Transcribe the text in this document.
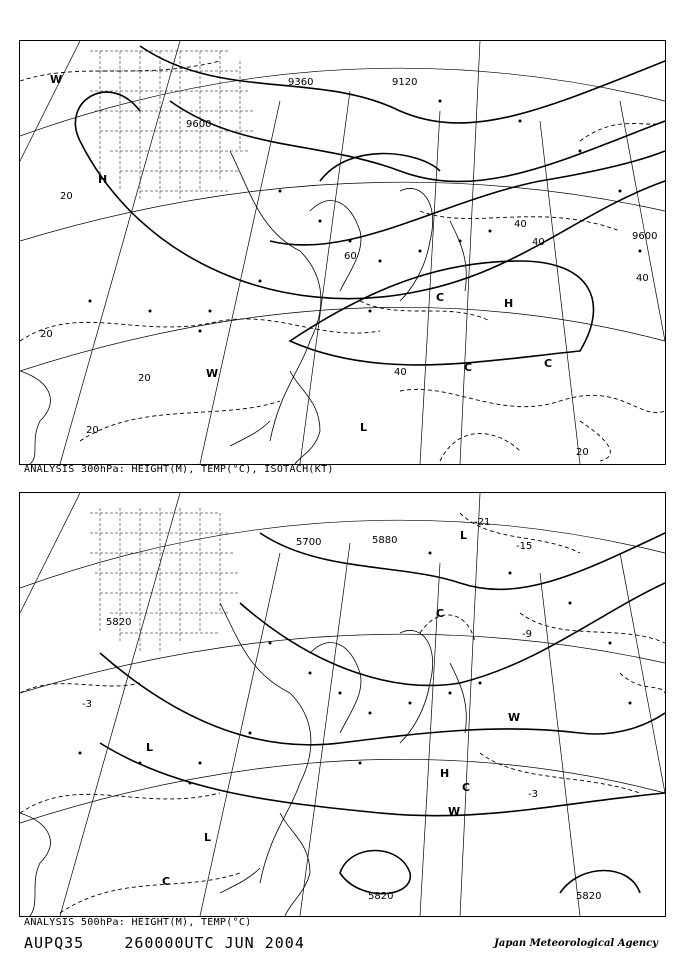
9600
9360	9120
9600
20
20
20
40
40
40
60
40
20
20
H
H
W
W
L
C
C	C
ANALYSIS 300hPa: HEIGHT(M), TEMP(°C), ISOTACH(KT)
5700	5880
5820
5820	5820
-3
-9
-3
-21
-15
L
L
L
H
C
C
C
W
W
ANALYSIS 500hPa: HEIGHT(M), TEMP(°C)
AUPQ35	260000UTC JUN 2004	Japan Meteorological Agency
